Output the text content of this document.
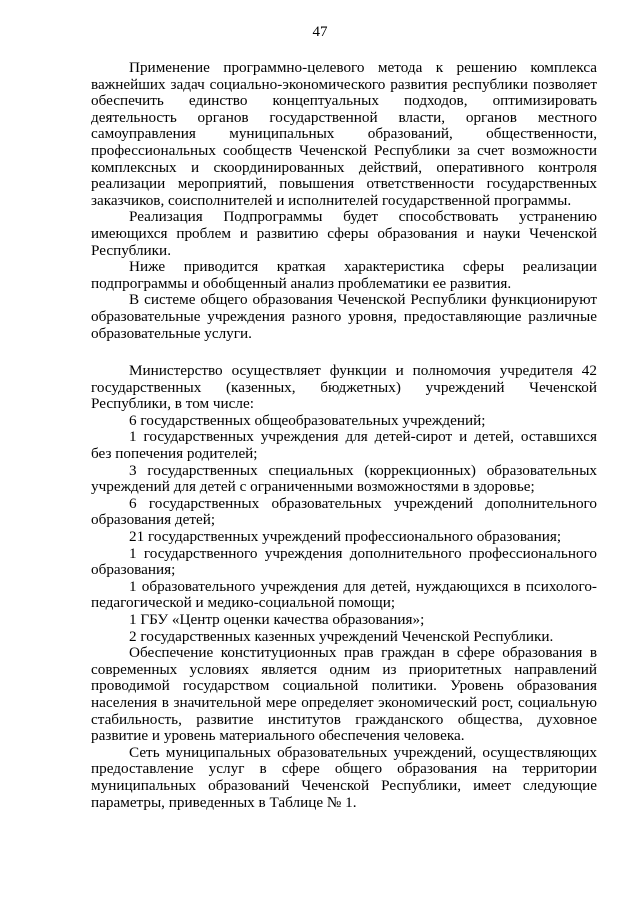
47

Применение программно-целевого метода к решению комплекса важнейших задач социально-экономического развития республики позволяет обеспечить единство концептуальных подходов, оптимизировать деятельность органов государственной власти, органов местного самоуправления муниципальных образований, общественности, профессиональных сообществ Чеченской Республики за счет возможности комплексных и скоординированных действий, оперативного контроля реализации мероприятий, повышения ответственности государственных заказчиков, соисполнителей и исполнителей государственной программы.

Реализация Подпрограммы будет способствовать устранению имеющихся проблем и развитию сферы образования и науки Чеченской Республики.

Ниже приводится краткая характеристика сферы реализации подпрограммы и обобщенный анализ проблематики ее развития.

В системе общего образования Чеченской Республики функционируют образовательные учреждения разного уровня, предоставляющие различные образовательные услуги.

Министерство осуществляет функции и полномочия учредителя 42 государственных (казенных, бюджетных) учреждений Чеченской Республики, в том числе:

6 государственных общеобразовательных учреждений;

1 государственных учреждения для детей-сирот и детей, оставшихся без попечения родителей;

3 государственных специальных (коррекционных) образовательных учреждений для детей с ограниченными возможностями в здоровье;

6 государственных образовательных учреждений дополнительного образования детей;

21 государственных учреждений профессионального образования;

1 государственного учреждения дополнительного профессионального образования;

1 образовательного учреждения для детей, нуждающихся в психолого-педагогической и медико-социальной помощи;

1 ГБУ «Центр оценки качества образования»;

2 государственных казенных учреждений Чеченской Республики.

Обеспечение конституционных прав граждан в сфере образования в современных условиях является одним из приоритетных направлений проводимой государством социальной политики. Уровень образования населения в значительной мере определяет экономический рост, социальную стабильность, развитие институтов гражданского общества, духовное развитие и уровень материального обеспечения человека.

Сеть муниципальных образовательных учреждений, осуществляющих предоставление услуг в сфере общего образования на территории муниципальных образований Чеченской Республики, имеет следующие параметры, приведенных в Таблице № 1.
